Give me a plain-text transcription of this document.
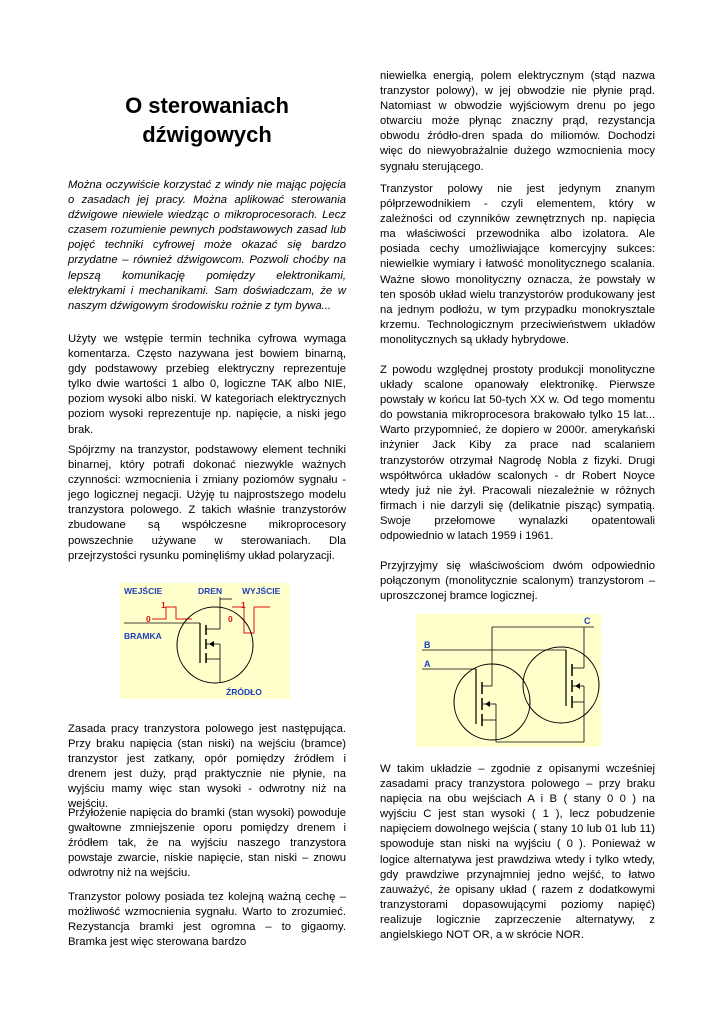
O sterowaniach
dźwigowych

Można oczywiście korzystać z windy nie mając pojęcia o zasadach jej pracy. Można aplikować sterowania dźwigowe niewiele wiedząc o mikroprocesorach. Lecz czasem rozumienie pewnych podstawowych zasad lub pojęć techniki cyfrowej może okazać się bardzo przydatne – również dźwigowcom. Pozwoli choćby na lepszą komunikację pomiędzy elektronikami, elektrykami i mechanikami. Sam doświadczam, że w naszym dźwigowym środowisku rożnie z tym bywa...

Użyty we wstępie termin technika cyfrowa wymaga komentarza. Często nazywana jest bowiem binarną, gdy podstawowy przebieg elektryczny reprezentuje tylko dwie wartości 1 albo 0, logiczne TAK albo NIE, poziom wysoki albo niski. W kategoriach elektrycznych poziom wysoki reprezentuje np. napięcie, a niski jego brak.

Spójrzmy na tranzystor, podstawowy element techniki binarnej, który potrafi dokonać niezwykle ważnych czynności: wzmocnienia i zmiany poziomów sygnału - jego logicznej negacji. Użyję tu najprostszego modelu tranzystora polowego. Z takich właśnie tranzystorów zbudowane są współczesne mikroprocesory powszechnie używane w sterowaniach. Dla przejrzystości rysunku pominęliśmy układ polaryzacji.

Zasada pracy tranzystora polowego jest następująca. Przy braku napięcia (stan niski) na wejściu (bramce) tranzystor jest zatkany, opór pomiędzy źródłem i drenem jest duży, prąd praktycznie nie płynie, na wyjściu mamy więc stan wysoki - odwrotny niż na wejściu.

Przyłożenie napięcia do bramki (stan wysoki) powoduje gwałtowne zmniejszenie oporu pomiędzy drenem i źródłem tak, że na wyjściu naszego tranzystora powstaje zwarcie, niskie napięcie, stan niski – znowu odwrotny niż na wejściu.

Tranzystor polowy posiada tez kolejną ważną cechę – możliwość wzmocnienia sygnału. Warto to zrozumieć. Rezystancja bramki jest ogromna – to gigaomy. Bramka jest więc sterowana bardzo

WEJŚCIE	DREN WYJŚCIE
BRAMKA
ŹRÓDŁO
1
0
1
0

niewielka energią, polem elektrycznym (stąd nazwa tranzystor polowy), w jej obwodzie nie płynie prąd. Natomiast w obwodzie wyjściowym drenu po jego otwarciu może płynąc znaczny prąd, rezystancja obwodu źródło-dren spada do miliomów. Dochodzi więc do niewyobrażalnie dużego wzmocnienia mocy sygnału sterującego.

Tranzystor polowy nie jest jedynym znanym półprzewodnikiem - czyli elementem, który w zależności od czynników zewnętrznych np. napięcia ma właściwości przewodnika albo izolatora. Ale posiada cechy umożliwiające komercyjny sukces: niewielkie wymiary i łatwość monolitycznego scalania. Ważne słowo monolityczny oznacza, że powstały w ten sposób układ wielu tranzystorów produkowany jest na jednym podłożu, w tym przypadku monokrysztale krzemu. Technologicznym przeciwieństwem układów monolitycznych są układy hybrydowe.

Z powodu względnej prostoty produkcji monolityczne układy scalone opanowały elektronikę. Pierwsze powstały w końcu lat 50-tych XX w. Od tego momentu do powstania mikroprocesora brakowało tylko 15 lat... Warto przypomnieć, że dopiero w 2000r. amerykański inżynier Jack Kiby za prace nad scalaniem tranzystorów otrzymał Nagrodę Nobla z fizyki. Drugi współtwórca układów scalonych - dr Robert Noyce wtedy już nie żył. Pracowali niezależnie w różnych firmach i nie darzyli się (delikatnie pisząc) sympatią. Swoje przełomowe wynalazki opatentowali odpowiednio w latach 1959 i 1961.

Przyjrzyjmy się właściwościom dwóm odpowiednio połączonym (monolitycznie scalonym) tranzystorom – uproszczonej bramce logicznej.

W takim układzie – zgodnie z opisanymi wcześniej zasadami pracy tranzystora polowego – przy braku napięcia na obu wejściach A i B ( stany 0 0 ) na wyjściu C jest stan wysoki ( 1 ), lecz pobudzenie napięciem dowolnego wejścia ( stany 10 lub 01 lub 11) spowoduje stan niski na wyjściu ( 0 ). Ponieważ w logice alternatywa jest prawdziwa wtedy i tylko wtedy, gdy prawdziwe przynajmniej jedno wejść, to łatwo zauważyć, że opisany układ ( razem z dodatkowymi tranzystorami dopasowującymi poziomy napięć) realizuje logicznie zaprzeczenie alternatywy, z angielskiego NOT OR, a w skrócie NOR.

C
B
A
